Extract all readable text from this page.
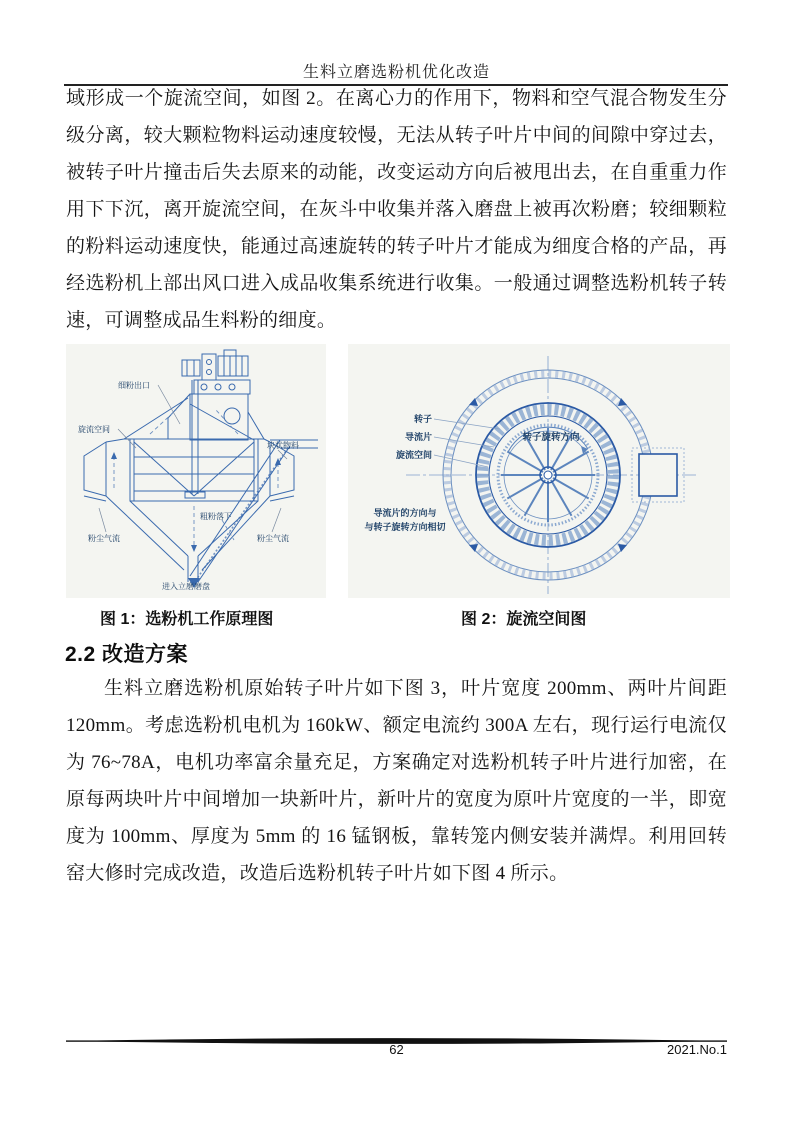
生料立磨选粉机优化改造
域形成一个旋流空间，如图 2。在离心力的作用下，物料和空气混合物发生分级分离，较大颗粒物料运动速度较慢，无法从转子叶片中间的间隙中穿过去，被转子叶片撞击后失去原来的动能，改变运动方向后被甩出去，在自重重力作用下下沉，离开旋流空间，在灰斗中收集并落入磨盘上被再次粉磨；较细颗粒的粉料运动速度快，能通过高速旋转的转子叶片才能成为细度合格的产品，再经选粉机上部出风口进入成品收集系统进行收集。一般通过调整选粉机转子转速，可调整成品生料粉的细度。
细粉出口
旋流空间
块状物料
粗粉落下
粉尘气流	粉尘气流
进入立磨磨盘
转子
导流片
旋流空间
转子旋转方向
导流片的方向与
与转子旋转方向相切
图 1：选粉机工作原理图	图 2：旋流空间图
2.2 改造方案
生料立磨选粉机原始转子叶片如下图 3，叶片宽度 200mm、两叶片间距 120mm。考虑选粉机电机为 160kW、额定电流约 300A 左右，现行运行电流仅为 76~78A，电机功率富余量充足，方案确定对选粉机转子叶片进行加密，在原每两块叶片中间增加一块新叶片，新叶片的宽度为原叶片宽度的一半，即宽度为 100mm、厚度为 5mm 的 16 锰钢板，靠转笼内侧安装并满焊。利用回转窑大修时完成改造，改造后选粉机转子叶片如下图 4 所示。
62	2021.No.1
